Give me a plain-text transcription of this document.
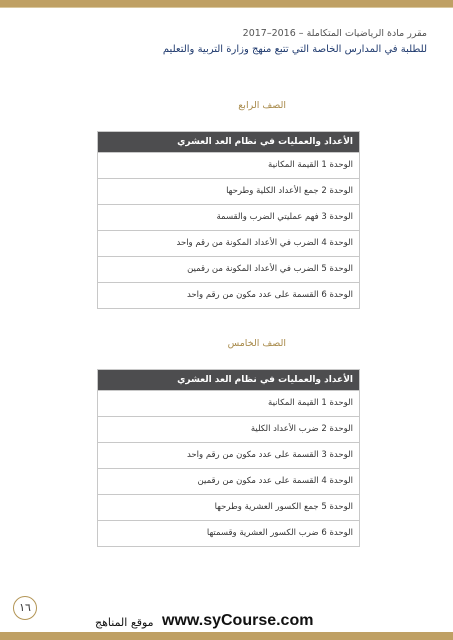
مقرر مادة الرياضيات المتكاملة – 2016–2017
للطلبة في المدارس الخاصة التي تتبع منهج وزارة التربية والتعليم
الصف الرابع
الأعداد والعمليات في نظام العد العشري
الوحدة 1 القيمة المكانية
الوحدة 2 جمع الأعداد الكلية وطرحها
الوحدة 3 فهم عمليتي الضرب والقسمة
الوحدة 4 الضرب في الأعداد المكونة من رقم واحد
الوحدة 5 الضرب في الأعداد المكونة من رقمين
الوحدة 6 القسمة على عدد مكون من رقم واحد
الصف الخامس
الأعداد والعمليات في نظام العد العشري
الوحدة 1 القيمة المكانية
الوحدة 2 ضرب الأعداد الكلية
الوحدة 3 القسمة على عدد مكون من رقم واحد
الوحدة 4 القسمة على عدد مكون من رقمين
الوحدة 5 جمع الكسور العشرية وطرحها
الوحدة 6 ضرب الكسور العشرية وقسمتها
١٦
موقع المناهج www.syCourse.com
